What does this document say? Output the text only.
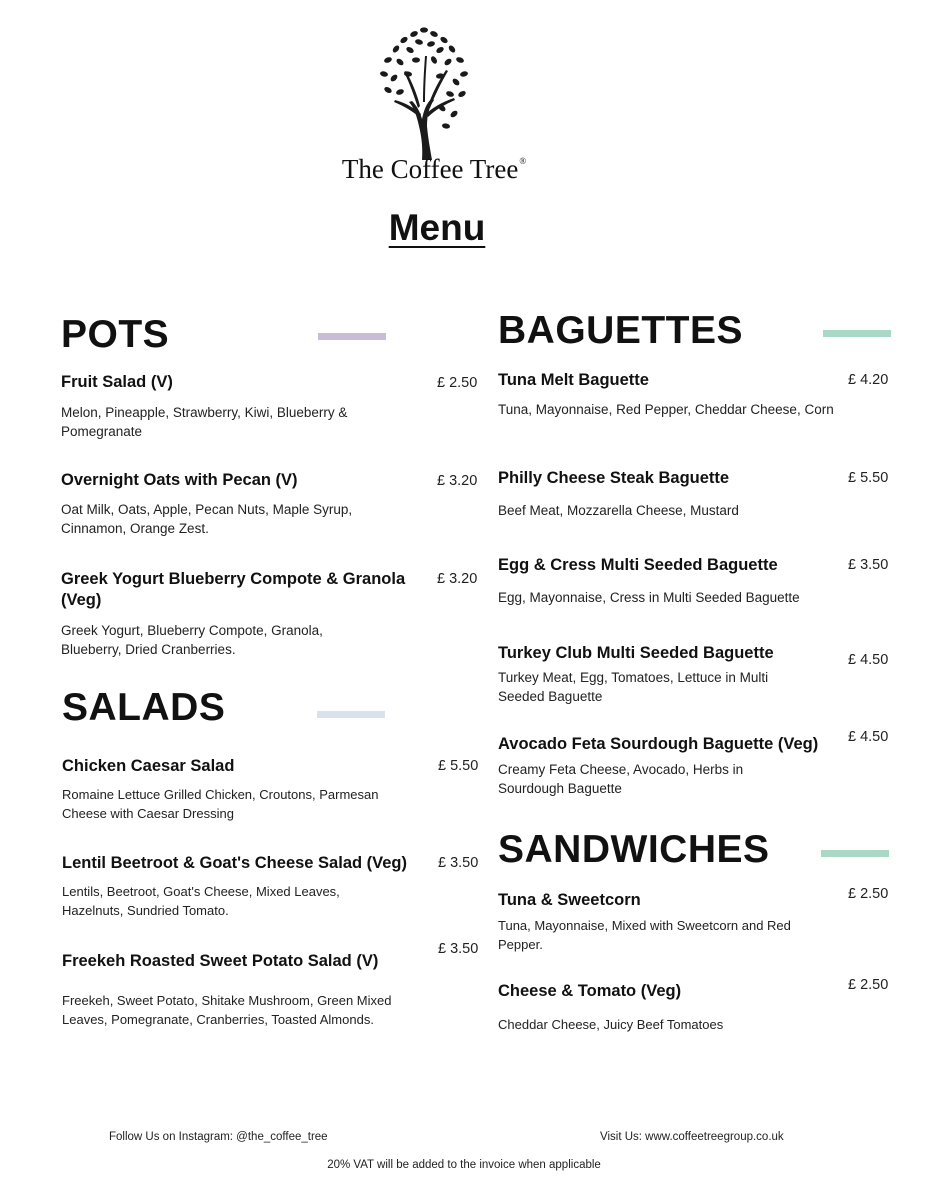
The Coffee Tree®
Menu
POTS
Fruit Salad (V)	£ 2.50
Melon, Pineapple, Strawberry, Kiwi, Blueberry & Pomegranate
Overnight Oats with Pecan (V)	£ 3.20
Oat Milk, Oats, Apple, Pecan Nuts, Maple Syrup, Cinnamon, Orange Zest.
Greek Yogurt Blueberry Compote & Granola (Veg)
£ 3.20
Greek Yogurt, Blueberry Compote, Granola, Blueberry, Dried Cranberries.
SALADS
Chicken Caesar Salad	£ 5.50
Romaine Lettuce Grilled Chicken, Croutons, Parmesan Cheese with Caesar Dressing
Lentil Beetroot & Goat's Cheese Salad (Veg) £ 3.50
Lentils, Beetroot, Goat's Cheese, Mixed Leaves, Hazelnuts, Sundried Tomato.
Freekeh Roasted Sweet Potato Salad (V)
£ 3.50
Freekeh, Sweet Potato, Shitake Mushroom, Green Mixed Leaves, Pomegranate, Cranberries, Toasted Almonds.
BAGUETTES
Tuna Melt Baguette	£ 4.20
Tuna, Mayonnaise, Red Pepper, Cheddar Cheese, Corn
Philly Cheese Steak Baguette	£ 5.50
Beef Meat, Mozzarella Cheese, Mustard
Egg & Cress Multi Seeded Baguette	£ 3.50
Egg, Mayonnaise, Cress in Multi Seeded Baguette
Turkey Club Multi Seeded Baguette	£ 4.50
Turkey Meat, Egg, Tomatoes, Lettuce in Multi Seeded Baguette
Avocado Feta Sourdough Baguette (Veg) £ 4.50
Creamy Feta Cheese, Avocado, Herbs in Sourdough Baguette
SANDWICHES
Tuna & Sweetcorn	£ 2.50
Tuna, Mayonnaise, Mixed with Sweetcorn and Red Pepper.
Cheese & Tomato (Veg)	£ 2.50
Cheddar Cheese, Juicy Beef Tomatoes
Follow Us on Instagram: @the_coffee_tree	Visit Us: www.coffeetreegroup.co.uk
20% VAT will be added to the invoice when applicable
